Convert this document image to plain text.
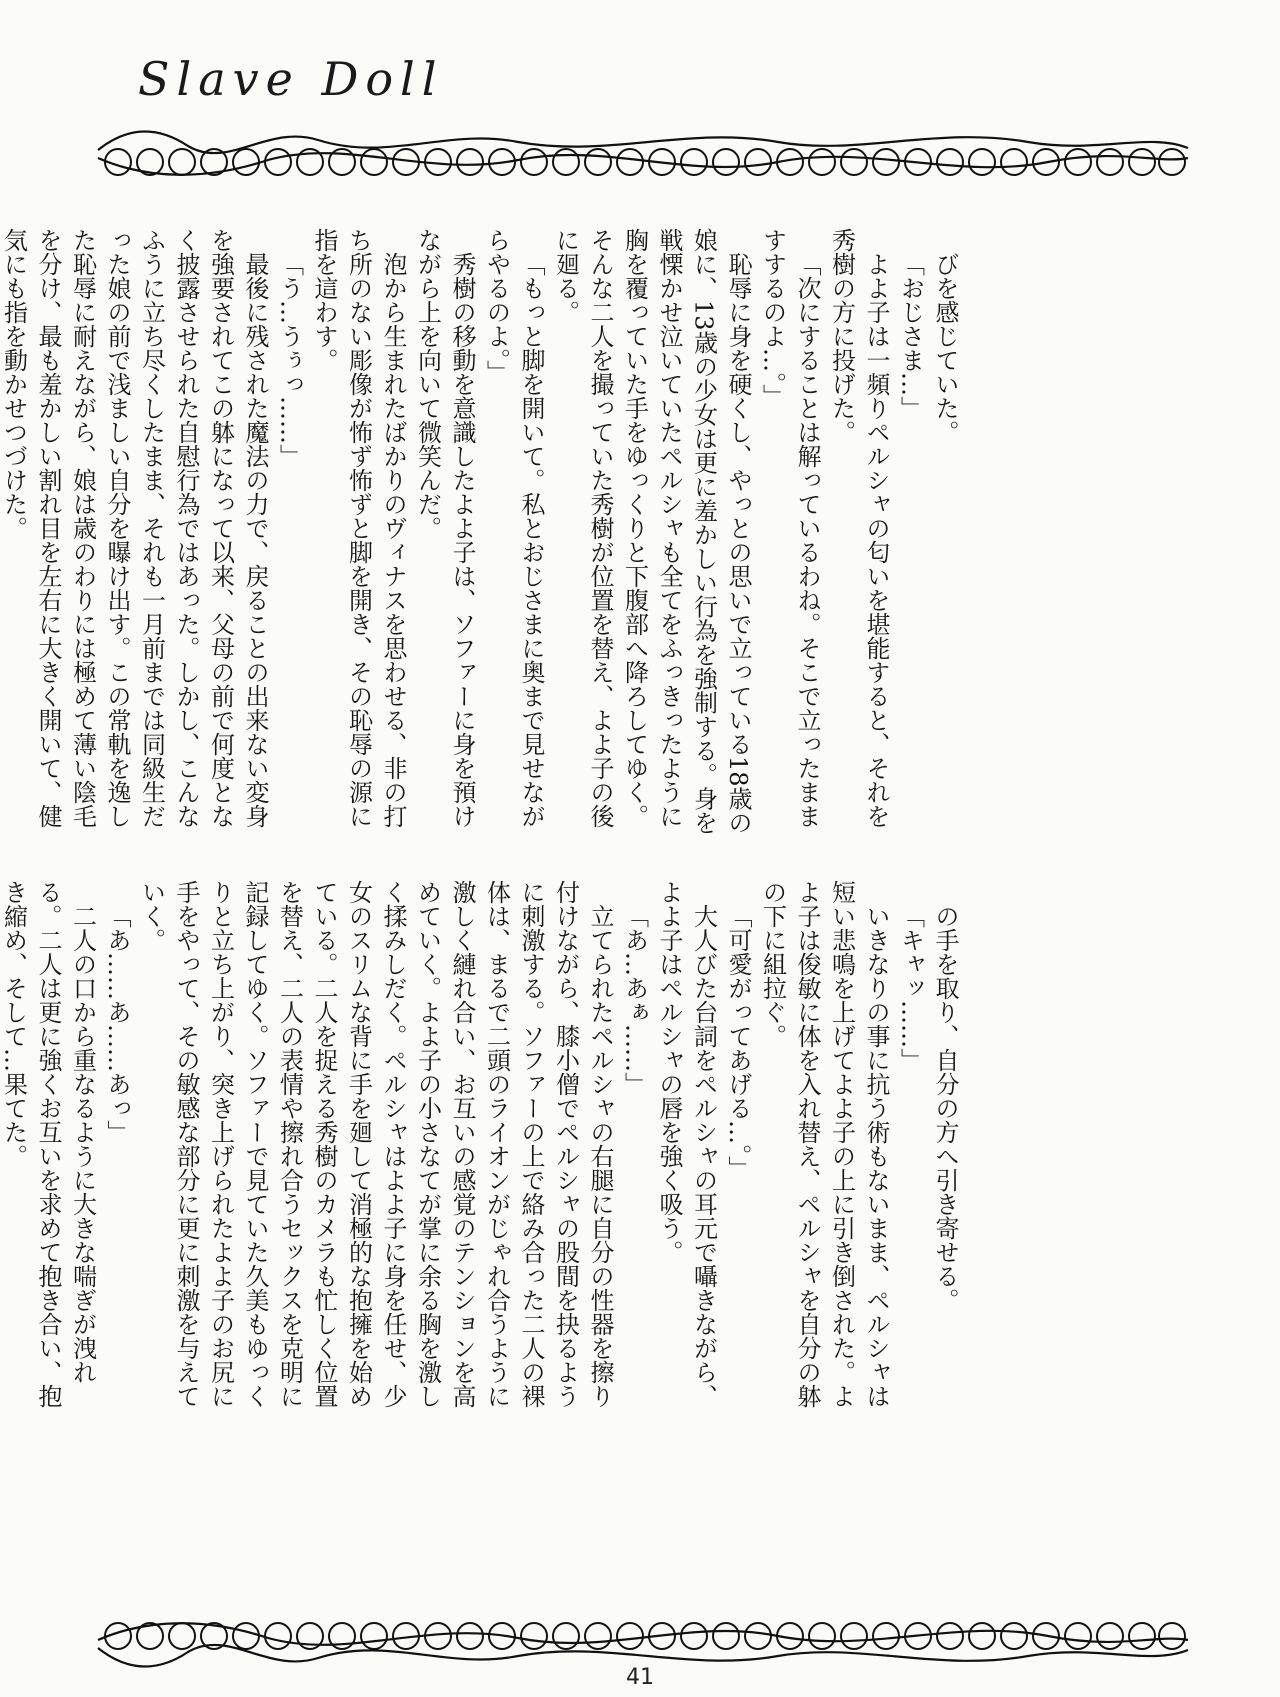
Slave Doll

びを感じていた。

「おじさま…」

よよ子は一頻りペルシャの匂いを堪能すると、それを秀樹の方に投げた。

「次にすることは解っているわね。そこで立ったまますするのよ…。」

恥辱に身を硬くし、やっとの思いで立っている18歳の娘に、13歳の少女は更に羞かしい行為を強制する。身を戦慄かせ泣いていたペルシャも全てをふっきったように胸を覆っていた手をゆっくりと下腹部へ降ろしてゆく。そんな二人を撮っていた秀樹が位置を替え、よよ子の後に廻る。

「もっと脚を開いて。私とおじさまに奥まで見せながらやるのよ。」

秀樹の移動を意識したよよ子は、ソファーに身を預けながら上を向いて微笑んだ。

泡から生まれたばかりのヴィナスを思わせる、非の打ち所のない彫像が怖ず怖ずと脚を開き、その恥辱の源に指を這わす。

「う…うぅっ……」

最後に残された魔法の力で、戻ることの出来ない変身を強要されてこの躰になって以来、父母の前で何度となく披露させられた自慰行為ではあった。しかし、こんなふうに立ち尽くしたまま、それも一月前までは同級生だった娘の前で浅ましい自分を曝け出す。この常軌を逸した恥辱に耐えながら、娘は歳のわりには極めて薄い陰毛を分け、最も羞かしい割れ目を左右に大きく開いて、健気にも指を動かせつづけた。

の手を取り、自分の方へ引き寄せる。

「キャッ……」

いきなりの事に抗う術もないまま、ペルシャは短い悲鳴を上げてよよ子の上に引き倒された。よよ子は俊敏に体を入れ替え、ペルシャを自分の躰の下に組拉ぐ。

「可愛がってあげる…。」

大人びた台詞をペルシャの耳元で囁きながら、よよ子はペルシャの唇を強く吸う。

「あ…あぁ……」

立てられたペルシャの右腿に自分の性器を擦り付けながら、膝小僧でペルシャの股間を抉るように刺激する。ソファーの上で絡み合った二人の裸体は、まるで二頭のライオンがじゃれ合うように激しく縺れ合い、お互いの感覚のテンションを高めていく。よよ子の小さなてが掌に余る胸を激しく揉みしだく。ペルシャはよよ子に身を任せ、少女のスリムな背に手を廻して消極的な抱擁を始めている。二人を捉える秀樹のカメラも忙しく位置を替え、二人の表情や擦れ合うセックスを克明に記録してゆく。ソファーで見ていた久美もゆっくりと立ち上がり、突き上げられたよよ子のお尻に手をやって、その敏感な部分に更に刺激を与えていく。

「あ……あ……あっ」

二人の口から重なるように大きな喘ぎが洩れる。二人は更に強くお互いを求めて抱き合い、抱き縮め、そして…果てた。

41
